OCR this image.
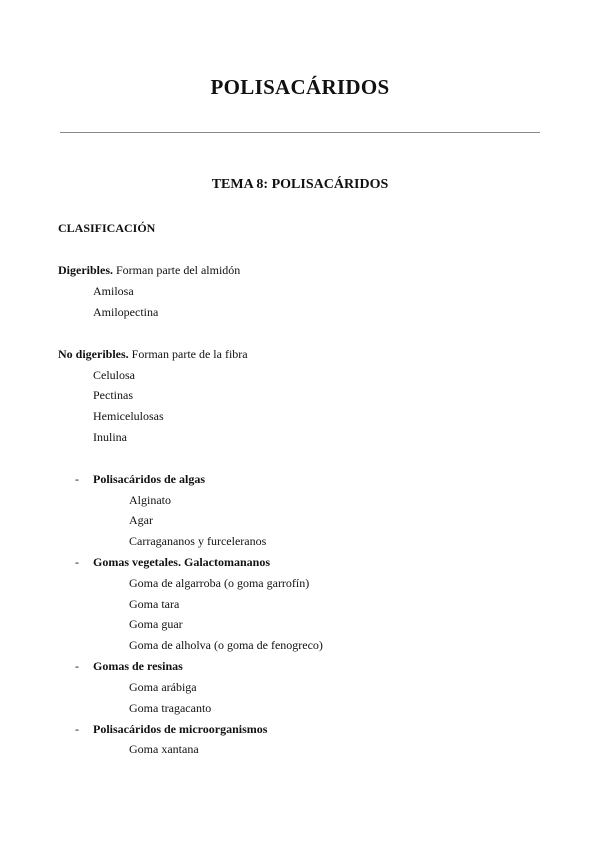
POLISACÁRIDOS
TEMA 8: POLISACÁRIDOS
CLASIFICACIÓN
Digeribles. Forman parte del almidón
Amilosa
Amilopectina
No digeribles. Forman parte de la fibra
Celulosa
Pectinas
Hemicelulosas
Inulina
- Polisacáridos de algas
Alginato
Agar
Carragananos y furceleranos
- Gomas vegetales. Galactomananos
Goma de algarroba (o goma garrofín)
Goma tara
Goma guar
Goma de alholva (o goma de fenogreco)
- Gomas de resinas
Goma arábiga
Goma tragacanto
- Polisacáridos de microorganismos
Goma xantana
